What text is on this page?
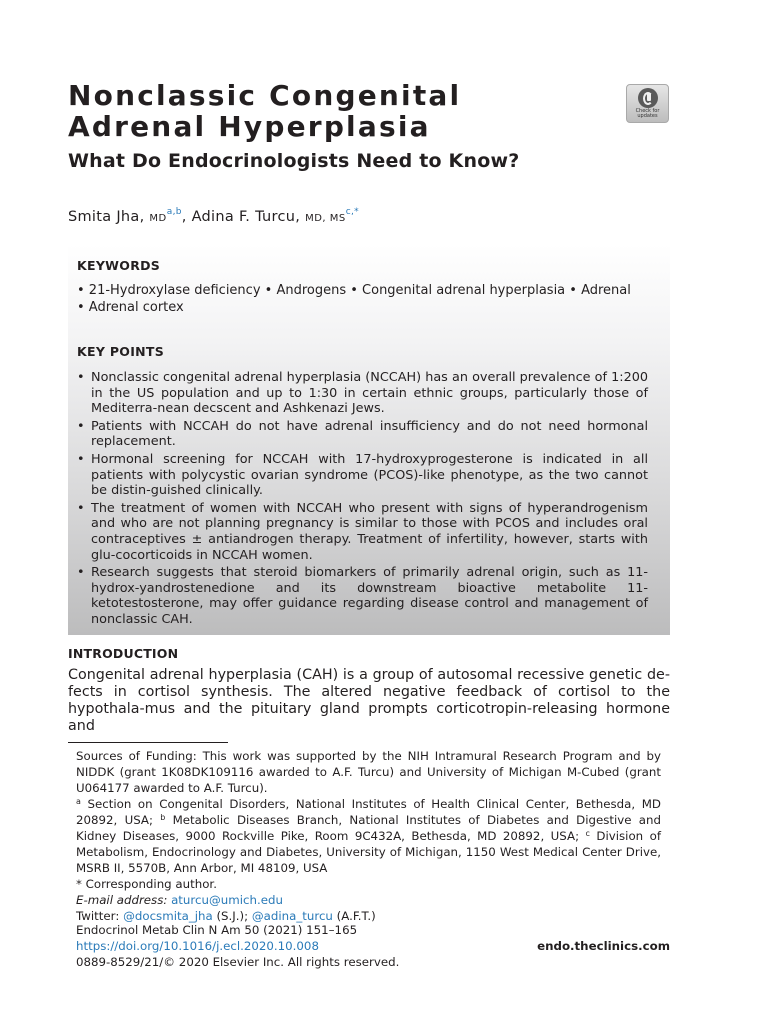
Nonclassic Congenital
Adrenal Hyperplasia	Check for
updates
What Do Endocrinologists Need to Know?
Smita Jha, MD$^{a,b}$, Adina F. Turcu, MD, MS$^{c,*}$
KEYWORDS
• 21-Hydroxylase deficiency • Androgens • Congenital adrenal hyperplasia • Adrenal
• Adrenal cortex
KEY POINTS
• Nonclassic congenital adrenal hyperplasia (NCCAH) has an overall prevalence of 1:200 in the US population and up to 1:30 in certain ethnic groups, particularly those of Mediterra-nean decscent and Ashkenazi Jews.
• Patients with NCCAH do not have adrenal insufficiency and do not need hormonal replacement.
• Hormonal screening for NCCAH with 17-hydroxyprogesterone is indicated in all patients with polycystic ovarian syndrome (PCOS)-like phenotype, as the two cannot be distin-guished clinically.
• The treatment of women with NCCAH who present with signs of hyperandrogenism and who are not planning pregnancy is similar to those with PCOS and includes oral contraceptives ± antiandrogen therapy. Treatment of infertility, however, starts with glu-cocorticoids in NCCAH women.
• Research suggests that steroid biomarkers of primarily adrenal origin, such as 11-hydrox-yandrostenedione and its downstream bioactive metabolite 11-ketotestosterone, may offer guidance regarding disease control and management of nonclassic CAH.
INTRODUCTION

Congenital adrenal hyperplasia (CAH) is a group of autosomal recessive genetic de-fects in cortisol synthesis. The altered negative feedback of cortisol to the hypothala-mus and the pituitary gland prompts corticotropin-releasing hormone and

Sources of Funding: This work was supported by the NIH Intramural Research Program and by NIDDK (grant 1K08DK109116 awarded to A.F. Turcu) and University of Michigan M-Cubed (grant U064177 awarded to A.F. Turcu).

$^a$ Section on Congenital Disorders, National Institutes of Health Clinical Center, Bethesda, MD 20892, USA; $^b$ Metabolic Diseases Branch, National Institutes of Diabetes and Digestive and Kidney Diseases, 9000 Rockville Pike, Room 9C432A, Bethesda, MD 20892, USA; $^c$ Division of Metabolism, Endocrinology and Diabetes, University of Michigan, 1150 West Medical Center Drive, MSRB II, 5570B, Ann Arbor, MI 48109, USA

* Corresponding author.

E-mail address: aturcu@umich.edu

Twitter: @docsmita_jha (S.J.); @adina_turcu (A.F.T.)

Endocrinol Metab Clin N Am 50 (2021) 151–165

https://doi.org/10.1016/j.ecl.2020.10.008

0889-8529/21/© 2020 Elsevier Inc. All rights reserved.

endo.theclinics.com
